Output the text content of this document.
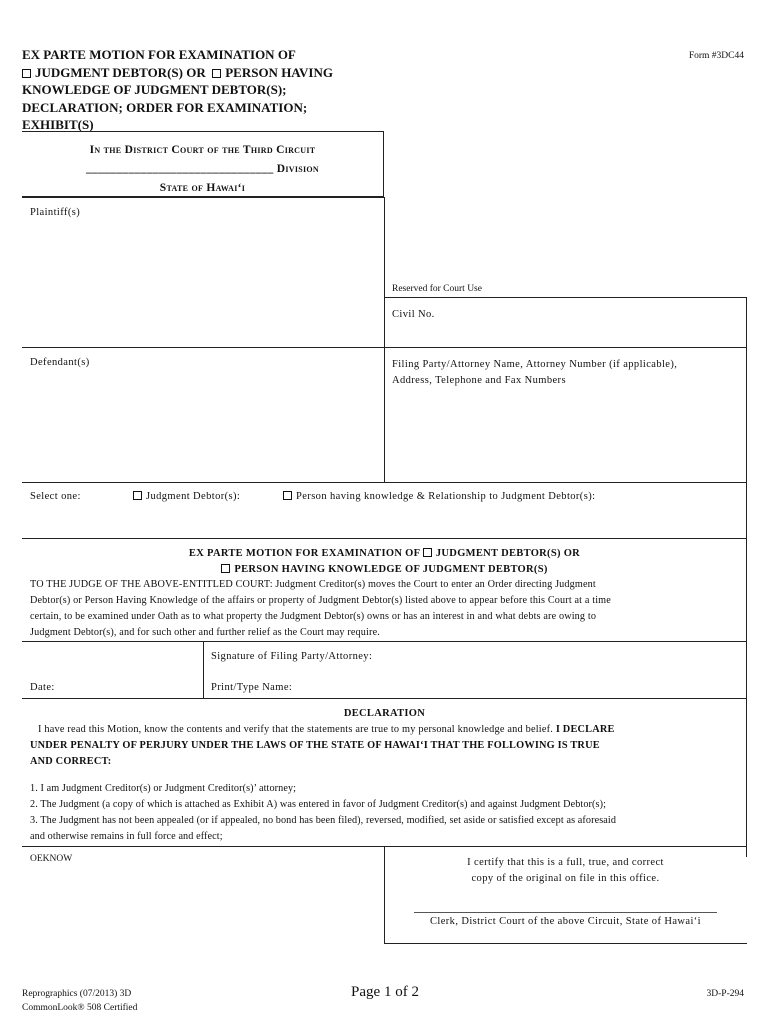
EX PARTE MOTION FOR EXAMINATION OF
JUDGMENT DEBTOR(S) OR PERSON HAVING
KNOWLEDGE OF JUDGMENT DEBTOR(S);
DECLARATION; ORDER FOR EXAMINATION;
EXHIBIT(S)
Form #3DC44
In the District Court of the Third Circuit
_______________________________ Division
State of Hawaiʻi
Plaintiff(s)
Reserved for Court Use
Civil No.
Defendant(s)	Filing Party/Attorney Name, Attorney Number (if applicable),
Address, Telephone and Fax Numbers
Select one:	Judgment Debtor(s):	Person having knowledge & Relationship to Judgment Debtor(s):
EX PARTE MOTION FOR EXAMINATION OF JUDGMENT DEBTOR(S) OR
PERSON HAVING KNOWLEDGE OF JUDGMENT DEBTOR(S)
TO THE JUDGE OF THE ABOVE-ENTITLED COURT: Judgment Creditor(s) moves the Court to enter an Order directing Judgment
Debtor(s) or Person Having Knowledge of the affairs or property of Judgment Debtor(s) listed above to appear before this Court at a time
certain, to be examined under Oath as to what property the Judgment Debtor(s) owns or has an interest in and what debts are owing to
Judgment Debtor(s), and for such other and further relief as the Court may require.
Signature of Filing Party/Attorney:
Date:	Print/Type Name:
DECLARATION
I have read this Motion, know the contents and verify that the statements are true to my personal knowledge and belief. I DECLARE
UNDER PENALTY OF PERJURY UNDER THE LAWS OF THE STATE OF HAWAIʻI THAT THE FOLLOWING IS TRUE
AND CORRECT:
1. I am Judgment Creditor(s) or Judgment Creditor(s)’ attorney;
2. The Judgment (a copy of which is attached as Exhibit A) was entered in favor of Judgment Creditor(s) and against Judgment Debtor(s);
3. The Judgment has not been appealed (or if appealed, no bond has been filed), reversed, modified, set aside or satisfied except as aforesaid
and otherwise remains in full force and effect;
OEKNOW	I certify that this is a full, true, and correct
copy of the original on file in this office.
Clerk, District Court of the above Circuit, State of Hawaiʻi
Reprographics (07/2013) 3D
CommonLook® 508 Certified
Page 1 of 2	3D-P-294
